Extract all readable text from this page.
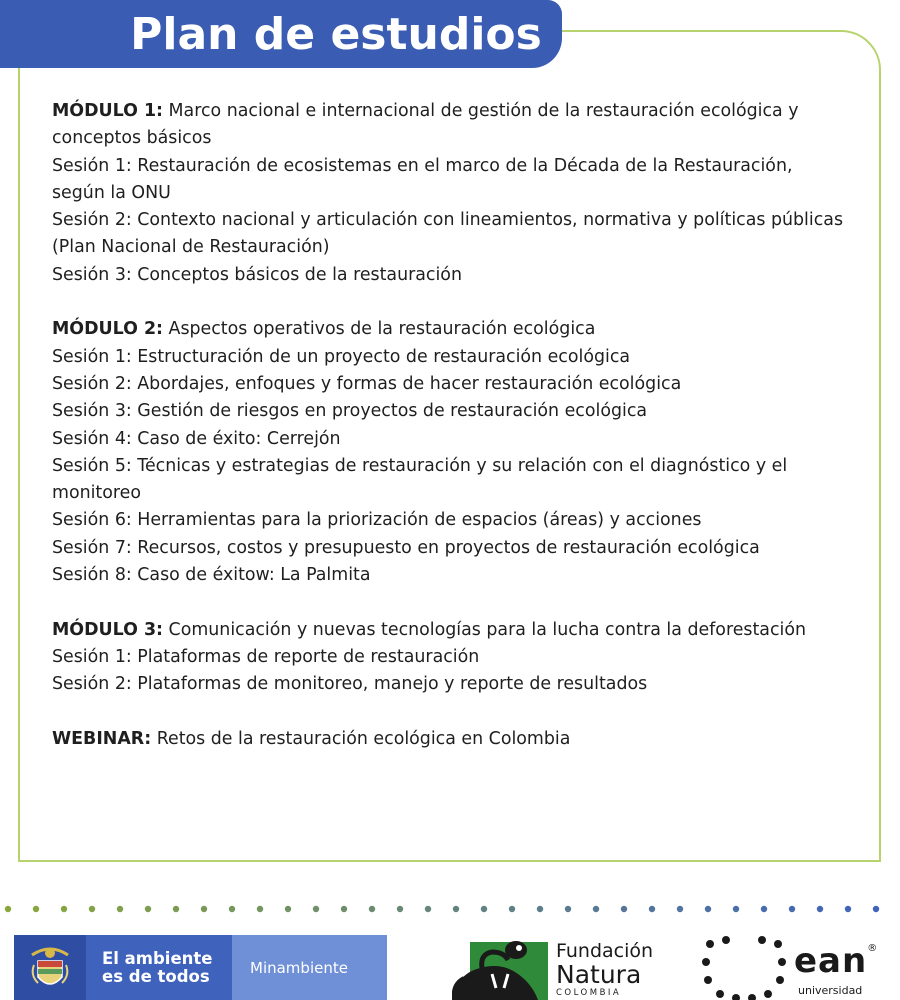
Plan de estudios

MÓDULO 1: Marco nacional e internacional de gestión de la restauración ecológica y conceptos básicos

Sesión 1: Restauración de ecosistemas en el marco de la Década de la Restauración,

según la ONU

Sesión 2: Contexto nacional y articulación con lineamientos, normativa y políticas públicas (Plan Nacional de Restauración)

Sesión 3: Conceptos básicos de la restauración

MÓDULO 2: Aspectos operativos de la restauración ecológica

Sesión 1: Estructuración de un proyecto de restauración ecológica

Sesión 2: Abordajes, enfoques y formas de hacer restauración ecológica

Sesión 3: Gestión de riesgos en proyectos de restauración ecológica

Sesión 4: Caso de éxito: Cerrejón

Sesión 5: Técnicas y estrategias de restauración y su relación con el diagnóstico y el monitoreo

Sesión 6: Herramientas para la priorización de espacios (áreas) y acciones

Sesión 7: Recursos, costos y presupuesto en proyectos de restauración ecológica

Sesión 8: Caso de éxitow: La Palmita

MÓDULO 3: Comunicación y nuevas tecnologías para la lucha contra la deforestación

Sesión 1: Plataformas de reporte de restauración

Sesión 2: Plataformas de monitoreo, manejo y reporte de resultados

WEBINAR: Retos de la restauración ecológica en Colombia

El ambiente
es de todos	Minambiente
Fundación
Natura
COLOMBIA
ean®
universidad
